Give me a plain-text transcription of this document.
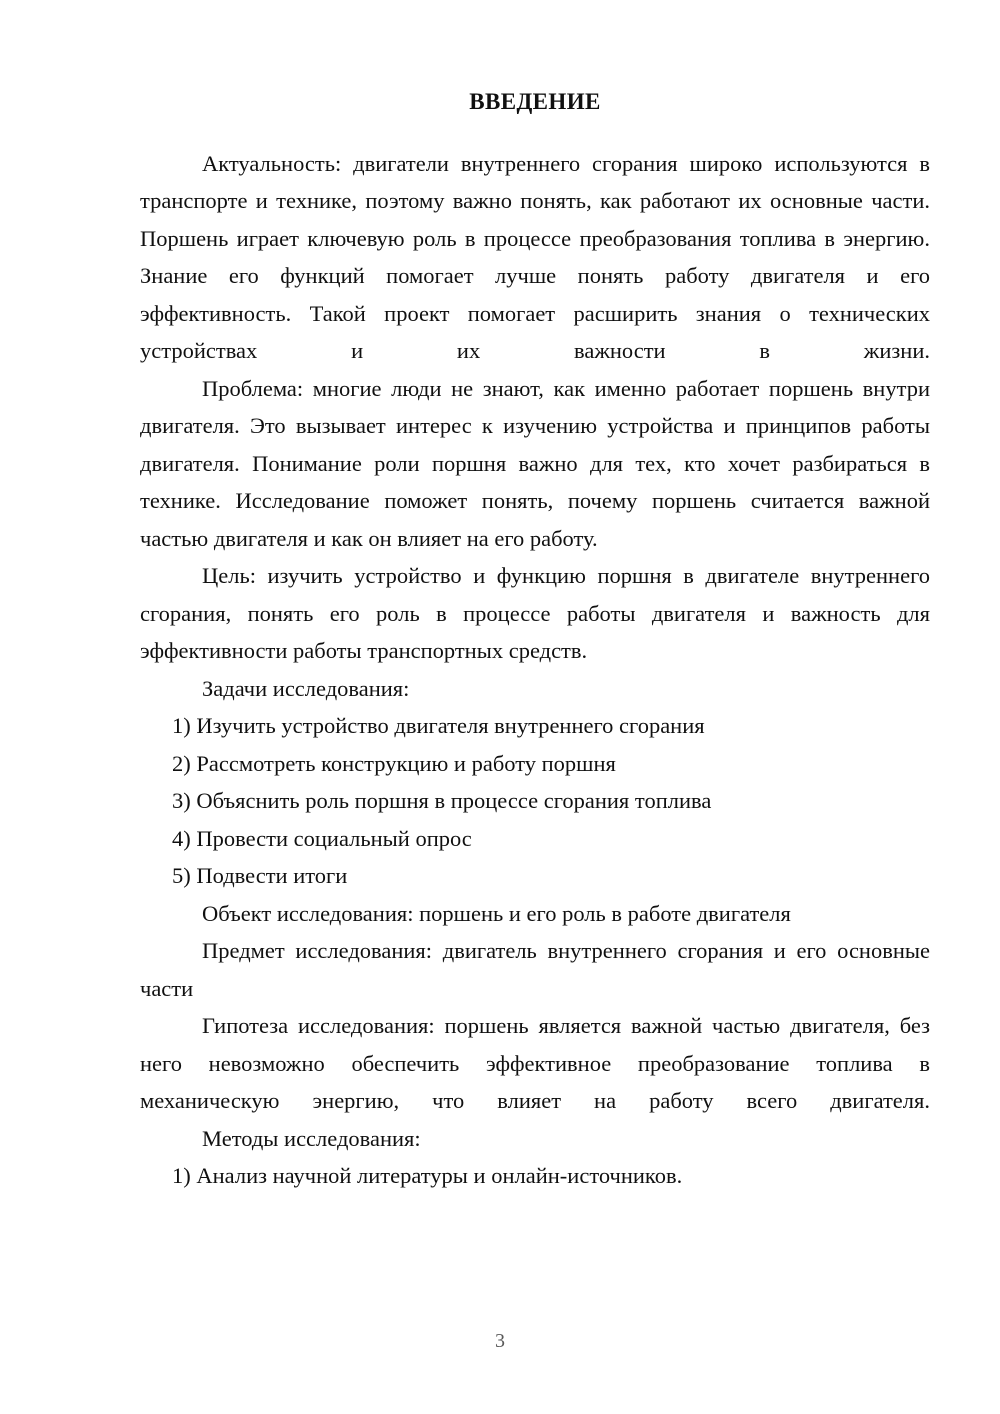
ВВЕДЕНИЕ

Актуальность: двигатели внутреннего сгорания широко используются в транспорте и технике, поэтому важно понять, как работают их основные части. Поршень играет ключевую роль в процессе преобразования топлива в энергию. Знание его функций помогает лучше понять работу двигателя и его эффективность. Такой проект помогает расширить знания о технических устройствах и их важности в жизни.

Проблема: многие люди не знают, как именно работает поршень внутри двигателя. Это вызывает интерес к изучению устройства и принципов работы двигателя. Понимание роли поршня важно для тех, кто хочет разбираться в технике. Исследование поможет понять, почему поршень считается важной частью двигателя и как он влияет на его работу.

Цель: изучить устройство и функцию поршня в двигателе внутреннего сгорания, понять его роль в процессе работы двигателя и важность для эффективности работы транспортных средств.

Задачи исследования:

1) Изучить устройство двигателя внутреннего сгорания

2) Рассмотреть конструкцию и работу поршня

3) Объяснить роль поршня в процессе сгорания топлива

4) Провести социальный опрос

5) Подвести итоги

Объект исследования: поршень и его роль в работе двигателя

Предмет исследования: двигатель внутреннего сгорания и его основные части

Гипотеза исследования: поршень является важной частью двигателя, без него невозможно обеспечить эффективное преобразование топлива в механическую энергию, что влияет на работу всего двигателя.

Методы исследования:

1) Анализ научной литературы и онлайн-источников.

3
